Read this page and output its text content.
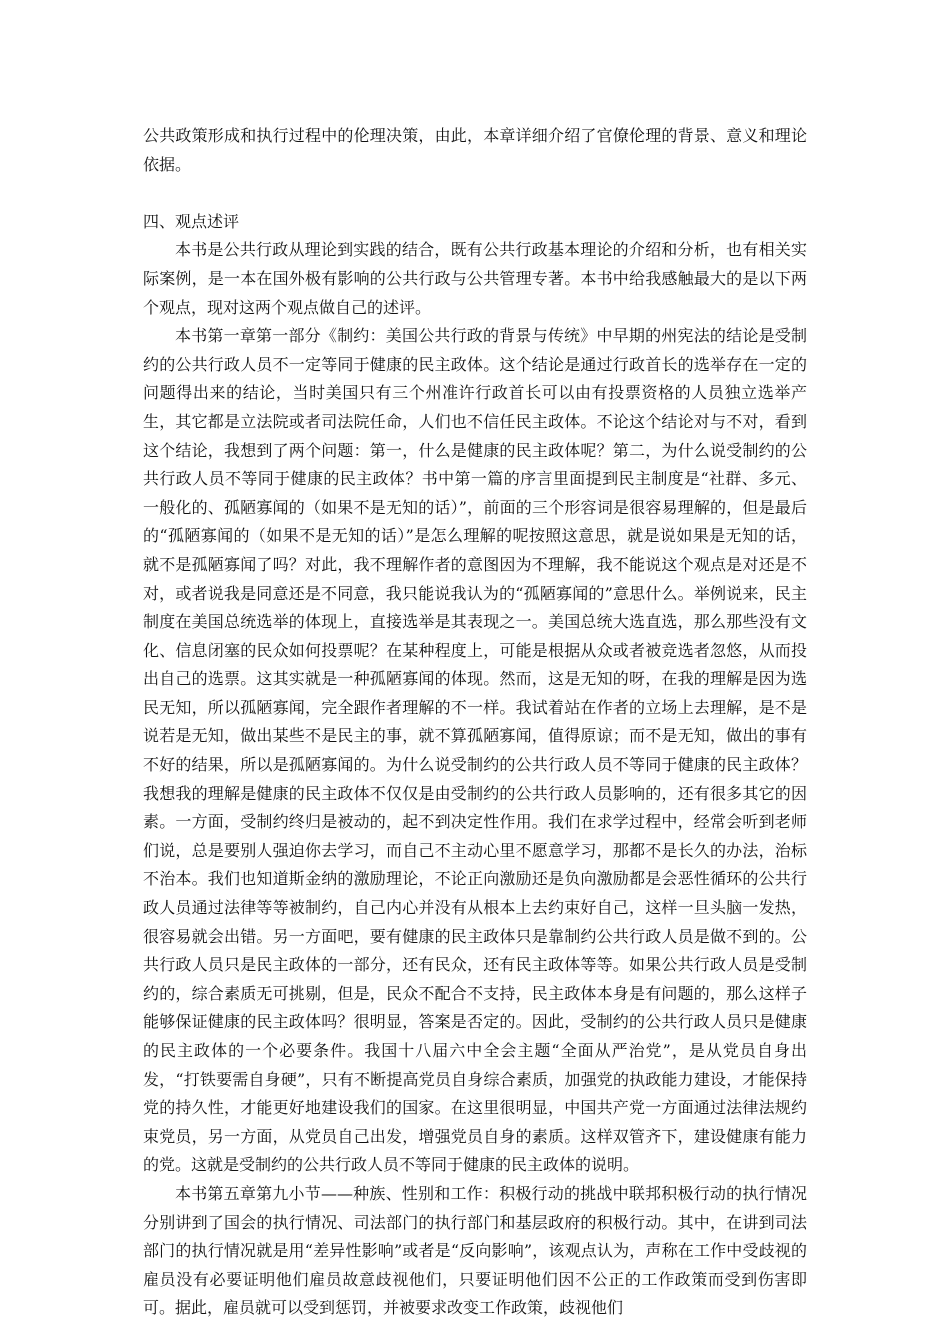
公共政策形成和执行过程中的伦理决策，由此，本章详细介绍了官僚伦理的背景、意义和理论依据。

四、观点述评

本书是公共行政从理论到实践的结合，既有公共行政基本理论的介绍和分析，也有相关实际案例，是一本在国外极有影响的公共行政与公共管理专著。本书中给我感触最大的是以下两个观点，现对这两个观点做自己的述评。

本书第一章第一部分《制约：美国公共行政的背景与传统》中早期的州宪法的结论是受制约的公共行政人员不一定等同于健康的民主政体。这个结论是通过行政首长的选举存在一定的问题得出来的结论，当时美国只有三个州准许行政首长可以由有投票资格的人员独立选举产生，其它都是立法院或者司法院任命，人们也不信任民主政体。不论这个结论对与不对，看到这个结论，我想到了两个问题：第一，什么是健康的民主政体呢？第二，为什么说受制约的公共行政人员不等同于健康的民主政体？书中第一篇的序言里面提到民主制度是“社群、多元、一般化的、孤陋寡闻的（如果不是无知的话）”，前面的三个形容词是很容易理解的，但是最后的“孤陋寡闻的（如果不是无知的话）”是怎么理解的呢按照这意思，就是说如果是无知的话，就不是孤陋寡闻了吗？对此，我不理解作者的意图因为不理解，我不能说这个观点是对还是不对，或者说我是同意还是不同意，我只能说我认为的“孤陋寡闻的”意思什么。举例说来，民主制度在美国总统选举的体现上，直接选举是其表现之一。美国总统大选直选，那么那些没有文化、信息闭塞的民众如何投票呢？在某种程度上，可能是根据从众或者被竞选者忽悠，从而投出自己的选票。这其实就是一种孤陋寡闻的体现。然而，这是无知的呀，在我的理解是因为选民无知，所以孤陋寡闻，完全跟作者理解的不一样。我试着站在作者的立场上去理解，是不是说若是无知，做出某些不是民主的事，就不算孤陋寡闻，值得原谅；而不是无知，做出的事有不好的结果，所以是孤陋寡闻的。为什么说受制约的公共行政人员不等同于健康的民主政体？我想我的理解是健康的民主政体不仅仅是由受制约的公共行政人员影响的，还有很多其它的因素。一方面，受制约终归是被动的，起不到决定性作用。我们在求学过程中，经常会听到老师们说，总是要别人强迫你去学习，而自己不主动心里不愿意学习，那都不是长久的办法，治标不治本。我们也知道斯金纳的激励理论，不论正向激励还是负向激励都是会恶性循环的公共行政人员通过法律等等被制约，自己内心并没有从根本上去约束好自己，这样一旦头脑一发热，很容易就会出错。另一方面吧，要有健康的民主政体只是靠制约公共行政人员是做不到的。公共行政人员只是民主政体的一部分，还有民众，还有民主政体等等。如果公共行政人员是受制约的，综合素质无可挑剔，但是，民众不配合不支持，民主政体本身是有问题的，那么这样子能够保证健康的民主政体吗？很明显，答案是否定的。因此，受制约的公共行政人员只是健康的民主政体的一个必要条件。我国十八届六中全会主题“全面从严治党”，是从党员自身出发，“打铁要需自身硬”，只有不断提高党员自身综合素质，加强党的执政能力建设，才能保持党的持久性，才能更好地建设我们的国家。在这里很明显，中国共产党一方面通过法律法规约束党员，另一方面，从党员自己出发，增强党员自身的素质。这样双管齐下，建设健康有能力的党。这就是受制约的公共行政人员不等同于健康的民主政体的说明。

本书第五章第九小节——种族、性别和工作：积极行动的挑战中联邦积极行动的执行情况分别讲到了国会的执行情况、司法部门的执行部门和基层政府的积极行动。其中，在讲到司法部门的执行情况就是用“差异性影响”或者是“反向影响”，该观点认为，声称在工作中受歧视的雇员没有必要证明他们雇员故意歧视他们，只要证明他们因不公正的工作政策而受到伤害即可。据此，雇员就可以受到惩罚，并被要求改变工作政策，歧视他们
